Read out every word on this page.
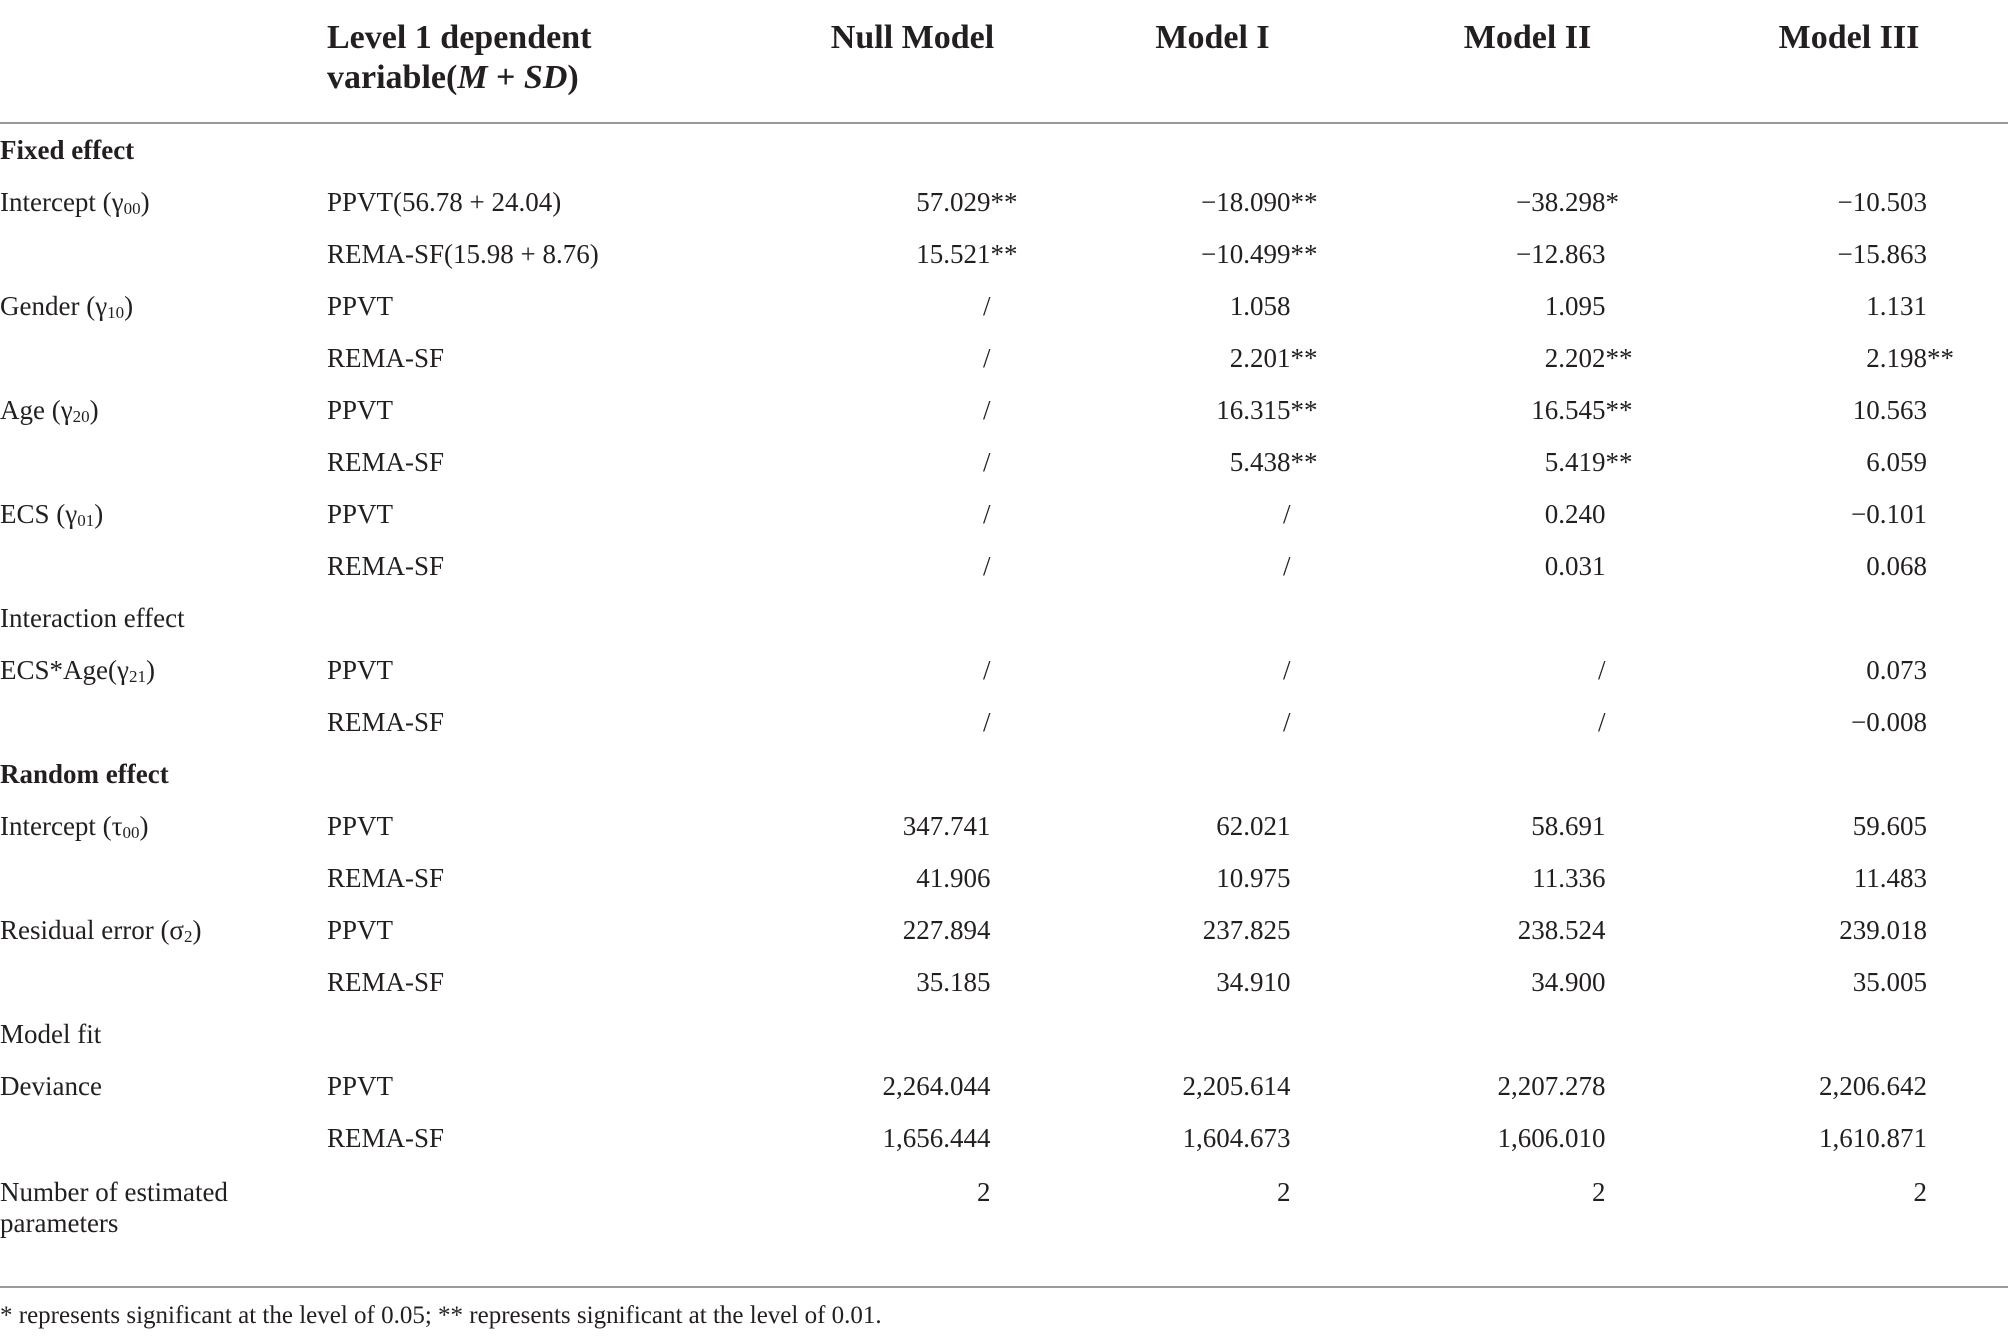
	Level 1 dependent
variable(M + SD)	Null Model	Model I	Model II	Model III

Fixed effect					
Intercept $(\gamma_{00})$	PPVT(56.78 + 24.04)	57.029**	−18.090**	−38.298*	−10.503
	REMA-SF(15.98 + 8.76)	15.521**	−10.499**	−12.863	−15.863
Gender $(\gamma_{10})$	PPVT	/	1.058	1.095	1.131
	REMA-SF	/	2.201**	2.202**	2.198**
Age $(\gamma_{20})$	PPVT	/	16.315**	16.545**	10.563
	REMA-SF	/	5.438**	5.419**	6.059
ECS $(\gamma_{01})$	PPVT	/	/	0.240	−0.101
	REMA-SF	/	/	0.031	0.068
Interaction effect					
$ECS*Age(\gamma_{21})$	PPVT	/	/	/	0.073
	REMA-SF	/	/	/	−0.008
Random effect					
Intercept $(\tau_{00})$	PPVT	347.741	62.021	58.691	59.605
	REMA-SF	41.906	10.975	11.336	11.483
Residual error $(\sigma_2)$	PPVT	227.894	237.825	238.524	239.018
	REMA-SF	35.185	34.910	34.900	35.005
Model fit					
Deviance	PPVT	2,264.044	2,205.614	2,207.278	2,206.642
	REMA-SF	1,656.444	1,604.673	1,606.010	1,610.871
Number of estimated		2	2	2	2
parameters					
* represents significant at the level of 0.05; ** represents significant at the level of 0.01.
